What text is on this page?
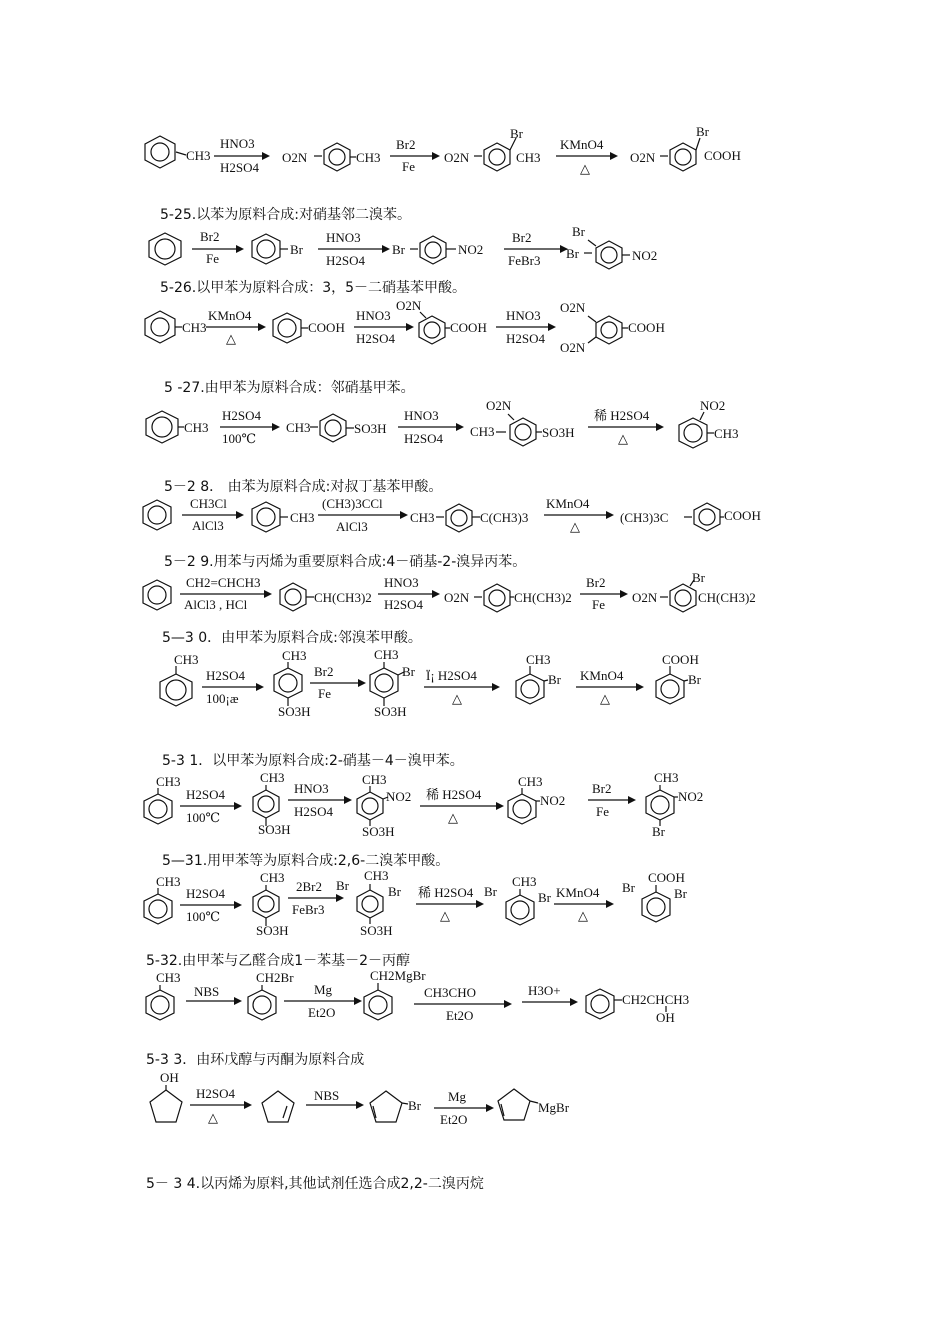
CH3
HNO3
H2SO4
O2N	CH3
Br2
Fe
O2N
Br
CH3
KMnO4
△
O2N
Br
COOH
5-25.以苯为原料合成:对硝基邻二溴苯。
Br2
Fe
Br
HNO3
H2SO4
Br	NO2
Br2
FeBr3
Br
Br	NO2
5-26.以甲苯为原料合成：3，5－二硝基苯甲酸。
CH3
KMnO4
△
COOH
HNO3
H2SO4
O2N
COOH
HNO3
H2SO4
O2N
O2N
COOH
5 -27.由甲苯为原料合成：邻硝基甲苯。
CH3
H2SO4
100℃
CH3	SO3H
HNO3
H2SO4
O2N
CH3	SO3H
稀 H2SO4
△
NO2
CH3
5－2 8． 由苯为原料合成:对叔丁基苯甲酸。
CH3Cl
AlCl3
CH3
(CH3)3CCl
AlCl3
CH3	C(CH3)3
KMnO4
△
(CH3)3C	COOH
5－2 9.用苯与丙烯为重要原料合成:4－硝基-2-溴异丙苯。
CH2=CHCH3
AlCl3 , HCl	CH(CH3)2
HNO3
H2SO4 O2N	CH(CH3)2
Br2
Fe O2N
Br
CH(CH3)2
5—3 0．由甲苯为原料合成:邻溴苯甲酸。
CH3
H2SO4
100¡æ
CH3
SO3H
Br2
Fe
CH3
Br
SO3H
Ï¡ H2SO4
△
CH3
Br KMnO4
△
COOH
Br
5-3 1．以甲苯为原料合成:2-硝基－4－溴甲苯。
CH3
H2SO4
100℃
CH3
SO3H
HNO3
H2SO4
CH3
NO2
SO3H
稀 H2SO4
△
CH3
NO2
Br2
Fe
CH3
NO2
Br
5—31.用甲苯等为原料合成:2,6-二溴苯甲酸。
CH3
H2SO4
100℃
CH3
SO3H
2Br2
FeBr3
CH3
Br	Br
SO3H
稀 H2SO4
△
CH3
Br	Br KMnO4
△
COOH
Br	Br
5-32.由甲苯与乙醛合成1－苯基－2－丙醇
CH3
NBS
CH2Br
Mg
Et2O
CH2MgBr
CH3CHO
Et2O
H3O+
CH2CHCH3
OH
5-3 3．由环戊醇与丙酮为原料合成
OH
H2SO4
△
NBS
Br
Mg
Et2O
MgBr
5－ 3 4.以丙烯为原料,其他试剂任选合成2,2-二溴丙烷
